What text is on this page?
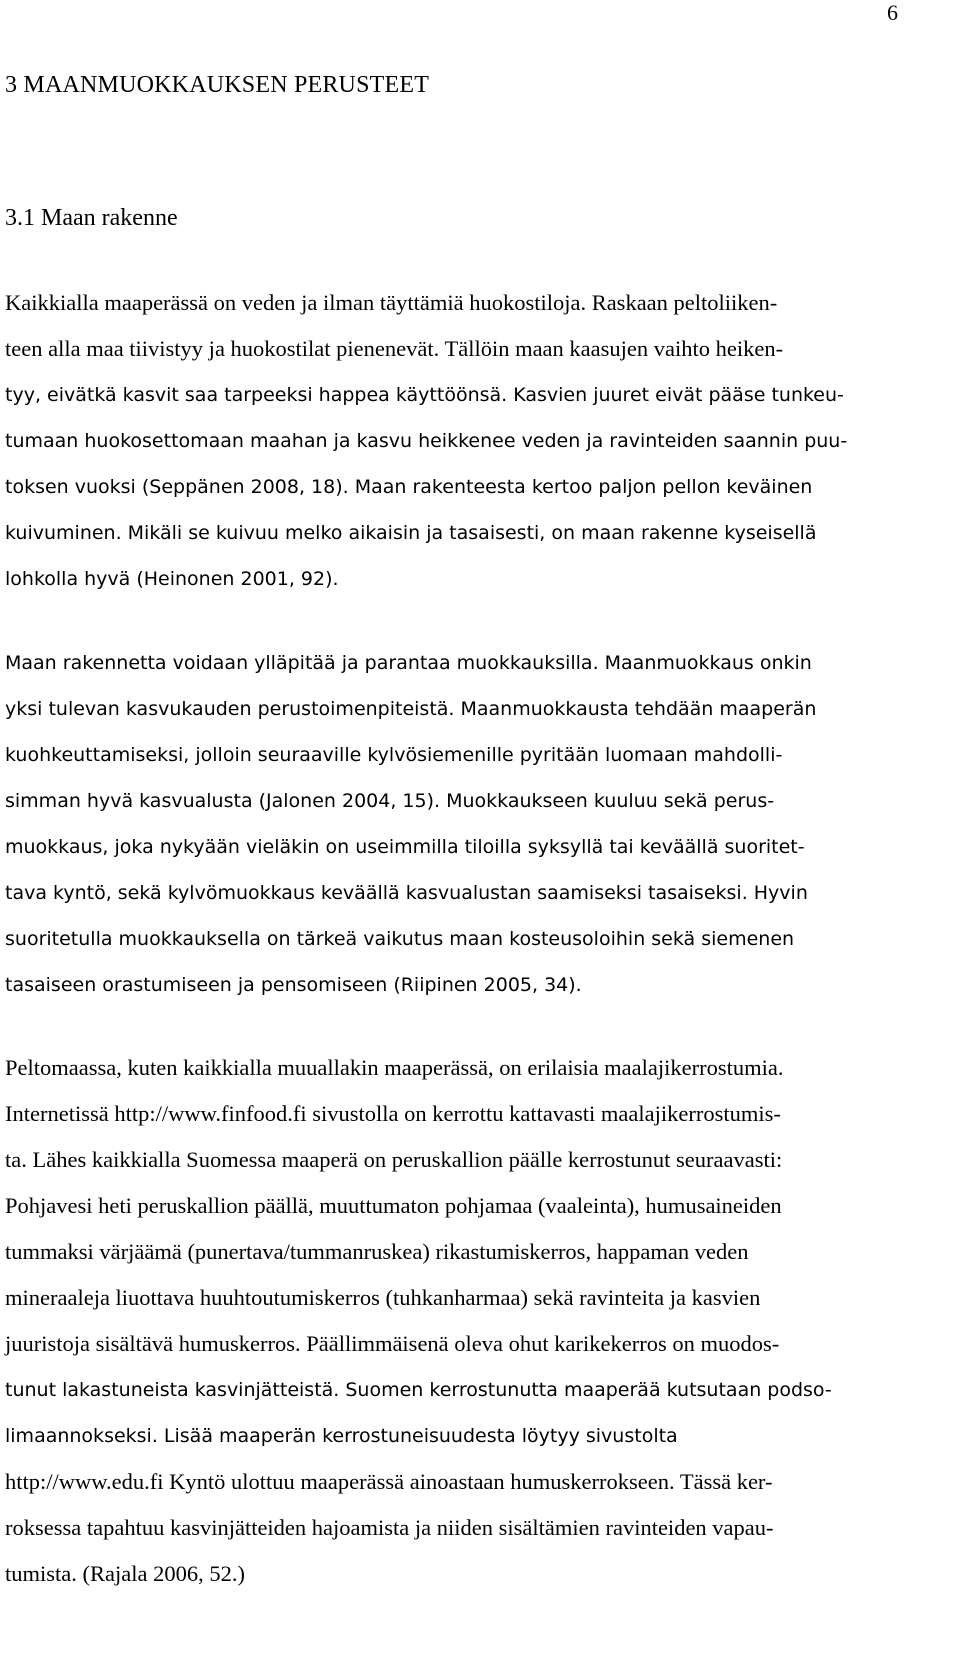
6
3 MAANMUOKKAUKSEN PERUSTEET
3.1 Maan rakenne
Kaikkialla maaperässä on veden ja ilman täyttämiä huokostiloja. Raskaan peltoliiken-
teen alla maa tiivistyy ja huokostilat pienenevät. Tällöin maan kaasujen vaihto heiken-
tyy, eivätkä kasvit saa tarpeeksi happea käyttöönsä. Kasvien juuret eivät pääse tunkeu-
tumaan huokosettomaan maahan ja kasvu heikkenee veden ja ravinteiden saannin puu-
toksen vuoksi (Seppänen 2008, 18). Maan rakenteesta kertoo paljon pellon keväinen
kuivuminen. Mikäli se kuivuu melko aikaisin ja tasaisesti, on maan rakenne kyseisellä
lohkolla hyvä (Heinonen 2001, 92).
Maan rakennetta voidaan ylläpitää ja parantaa muokkauksilla. Maanmuokkaus onkin
yksi tulevan kasvukauden perustoimenpiteistä. Maanmuokkausta tehdään maaperän
kuohkeuttamiseksi, jolloin seuraaville kylvösiemenille pyritään luomaan mahdolli-
simman hyvä kasvualusta (Jalonen 2004, 15). Muokkaukseen kuuluu sekä perus-
muokkaus, joka nykyään vieläkin on useimmilla tiloilla syksyllä tai keväällä suoritet-
tava kyntö, sekä kylvömuokkaus keväällä kasvualustan saamiseksi tasaiseksi. Hyvin
suoritetulla muokkauksella on tärkeä vaikutus maan kosteusoloihin sekä siemenen
tasaiseen orastumiseen ja pensomiseen (Riipinen 2005, 34).
Peltomaassa, kuten kaikkialla muuallakin maaperässä, on erilaisia maalajikerrostumia.
Internetissä http://www.finfood.fi sivustolla on kerrottu kattavasti maalajikerrostumis-
ta. Lähes kaikkialla Suomessa maaperä on peruskallion päälle kerrostunut seuraavasti:
Pohjavesi heti peruskallion päällä, muuttumaton pohjamaa (vaaleinta), humusaineiden
tummaksi värjäämä (punertava/tummanruskea) rikastumiskerros, happaman veden
mineraaleja liuottava huuhtoutumiskerros (tuhkanharmaa) sekä ravinteita ja kasvien
juuristoja sisältävä humuskerros. Päällimmäisenä oleva ohut karikekerros on muodos-
tunut lakastuneista kasvinjätteistä. Suomen kerrostunutta maaperää kutsutaan podso-
limaannokseksi. Lisää maaperän kerrostuneisuudesta löytyy sivustolta
http://www.edu.fi Kyntö ulottuu maaperässä ainoastaan humuskerrokseen. Tässä ker-
roksessa tapahtuu kasvinjätteiden hajoamista ja niiden sisältämien ravinteiden vapau-
tumista. (Rajala 2006, 52.)
